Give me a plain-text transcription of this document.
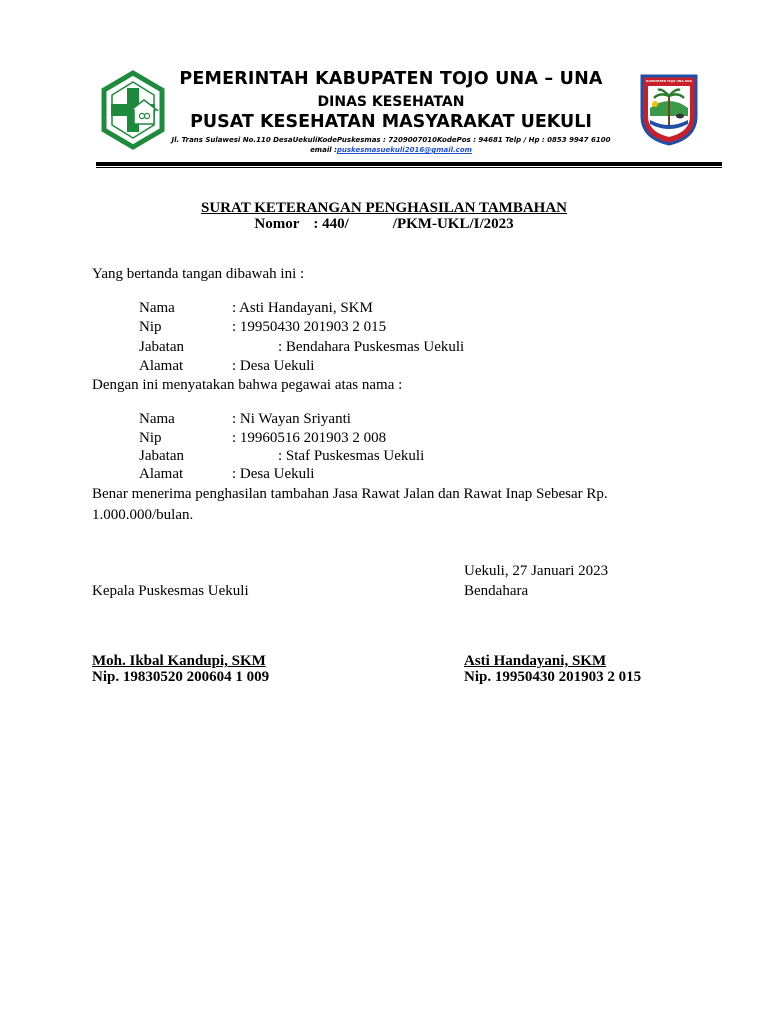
PEMERINTAH KABUPATEN TOJO UNA – UNA
DINAS KESEHATAN
PUSAT KESEHATAN MASYARAKAT UEKULI
Jl. Trans Sulawesi No.110 DesaUekuliKodePuskesmas : 7209007010KodePos : 94681 Telp / Hp : 0853 9947 6100
email :puskesmasuekuli2016@gmail.com
KABUPATEN TOJO UNA-UNA
SURAT KETERANGAN PENGHASILAN TAMBAHAN
Nomor : 440/	/PKM-UKL/I/2023
Yang bertanda tangan dibawah ini :
Nama	: Asti Handayani, SKM
Nip	: 19950430 201903 2 015
Jabatan	: Bendahara Puskesmas Uekuli
Alamat	: Desa Uekuli
Dengan ini menyatakan bahwa pegawai atas nama :
Nama	: Ni Wayan Sriyanti
Nip	: 19960516 201903 2 008
Jabatan	: Staf Puskesmas Uekuli
Alamat	: Desa Uekuli
Benar menerima penghasilan tambahan Jasa Rawat Jalan dan Rawat Inap Sebesar Rp.
1.000.000/bulan.
Uekuli, 27 Januari 2023
Kepala Puskesmas Uekuli	Bendahara
Moh. Ikbal Kandupi, SKM
Nip. 19830520 200604 1 009
Asti Handayani, SKM
Nip. 19950430 201903 2 015
